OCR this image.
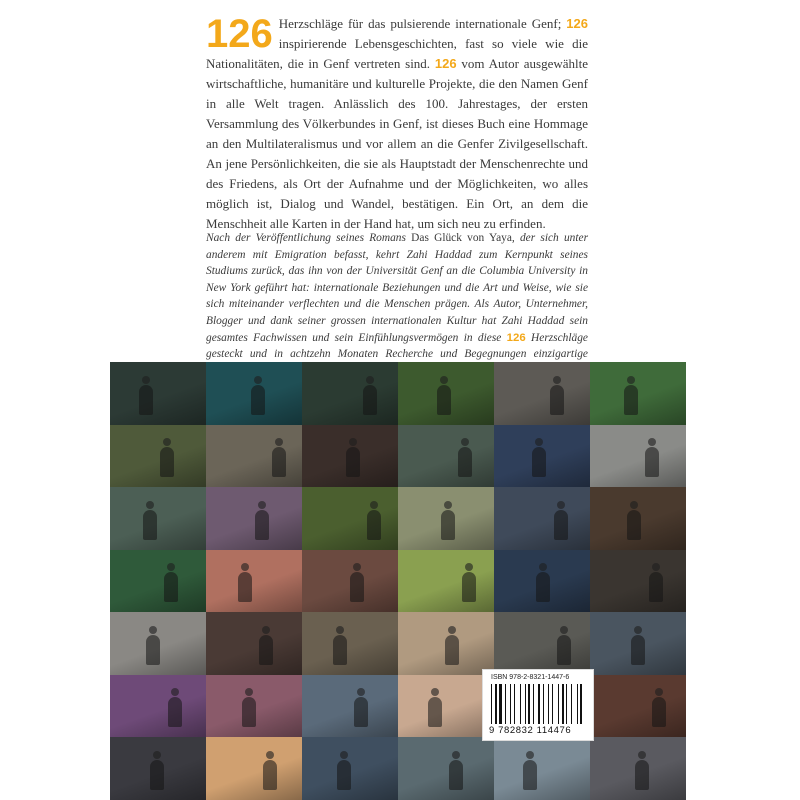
126 Herzschläge für das pulsierende internationale Genf; 126 inspirierende Lebensgeschichten, fast so viele wie die Nationalitäten, die in Genf vertreten sind. 126 vom Autor ausgewählte wirtschaftliche, humanitäre und kulturelle Projekte, die den Namen Genf in alle Welt tragen. Anlässlich des 100. Jahrestages, der ersten Versammlung des Völkerbundes in Genf, ist dieses Buch eine Hommage an den Multilateralismus und vor allem an die Genfer Zivilgesellschaft. An jene Persönlichkeiten, die sie als Hauptstadt der Menschenrechte und des Friedens, als Ort der Aufnahme und der Möglichkeiten, wo alles möglich ist, Dialog und Wandel, bestätigen. Ein Ort, an dem die Menschheit alle Karten in der Hand hat, um sich neu zu erfinden.
Nach der Veröffentlichung seines Romans Das Glück von Yaya, der sich unter anderem mit Emigration befasst, kehrt Zahi Haddad zum Kernpunkt seines Studiums zurück, das ihn von der Universität Genf an die Columbia University in New York geführt hat: internationale Beziehungen und die Art und Weise, wie sie sich miteinander verflechten und die Menschen prägen. Als Autor, Unternehmer, Blogger und dank seiner grossen internationalen Kultur hat Zahi Haddad sein gesamtes Fachwissen und sein Einfühlungsvermögen in diese 126 Herzschläge gesteckt und in achtzehn Monaten Recherche und Begegnungen einzigartige
ISBN 978-2-8321-1447-6
9 782832 114476
